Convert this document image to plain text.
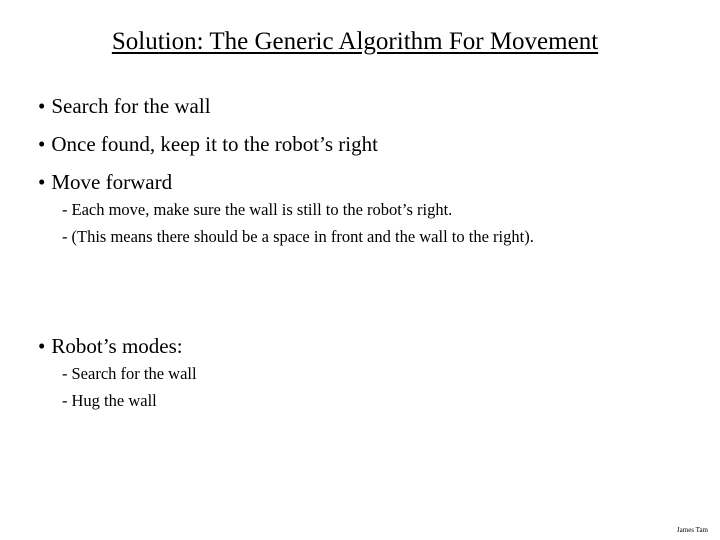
Solution: The Generic Algorithm For Movement
• Search for the wall
• Once found, keep it to the robot’s right
• Move forward
- Each move, make sure the wall is still to the robot’s right.
- (This means there should be a space in front and the wall to the right).
• Robot’s modes:
- Search for the wall
- Hug the wall
James Tam
